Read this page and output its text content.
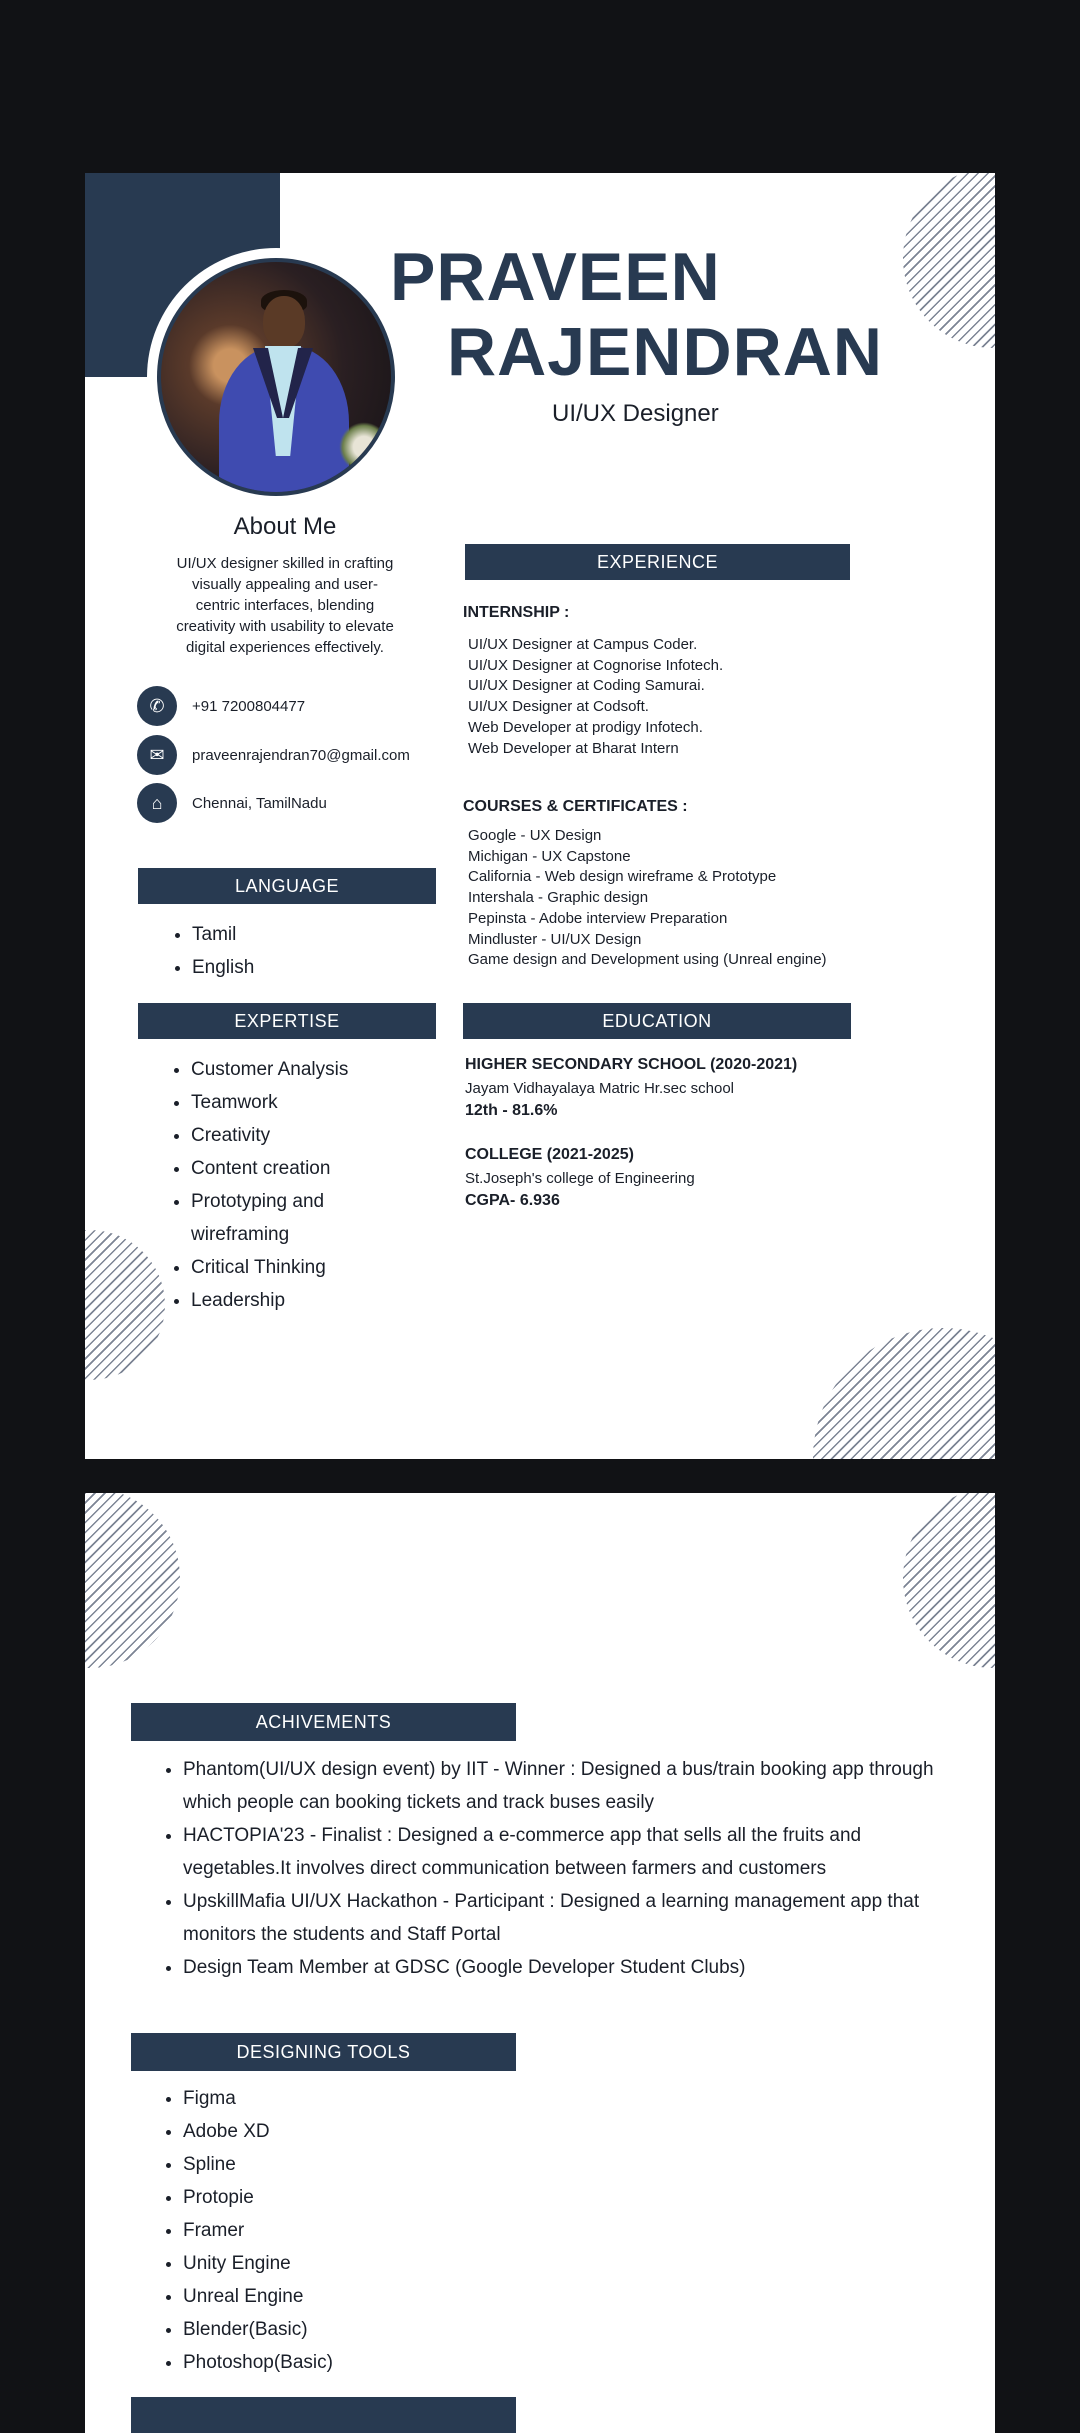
PRAVEEN
RAJENDRAN
UI/UX Designer
About Me
UI/UX designer skilled in crafting
visually appealing and user-
centric interfaces, blending
creativity with usability to elevate
digital experiences effectively.
✆	+91 7200804477
✉	praveenrajendran70@gmail.com
⌂	Chennai, TamilNadu
LANGUAGE
• Tamil
• English
EXPERTISE
• Customer Analysis
• Teamwork
• Creativity
• Content creation
• Prototyping and
wireframing
• Critical Thinking
• Leadership
EXPERIENCE
INTERNSHIP :
UI/UX Designer at Campus Coder.
UI/UX Designer at Cognorise Infotech.
UI/UX Designer at Coding Samurai.
UI/UX Designer at Codsoft.
Web Developer at prodigy Infotech.
Web Developer at Bharat Intern
COURSES & CERTIFICATES :
Google - UX Design
Michigan - UX Capstone
California - Web design wireframe & Prototype
Intershala - Graphic design
Pepinsta - Adobe interview Preparation
Mindluster - UI/UX Design
Game design and Development using (Unreal engine)
EDUCATION
HIGHER SECONDARY SCHOOL (2020-2021)
Jayam Vidhayalaya Matric Hr.sec school
12th - 81.6%
COLLEGE (2021-2025)
St.Joseph's college of Engineering
CGPA- 6.936
ACHIVEMENTS
• Phantom(UI/UX design event) by IIT - Winner : Designed a bus/train booking app through which people can booking tickets and track buses easily
• HACTOPIA'23 - Finalist : Designed a e-commerce app that sells all the fruits and vegetables.It involves direct communication between farmers and customers
• UpskillMafia UI/UX Hackathon - Participant : Designed a learning management app that monitors the students and Staff Portal
• Design Team Member at GDSC (Google Developer Student Clubs)
DESIGNING TOOLS
• Figma
• Adobe XD
• Spline
• Protopie
• Framer
• Unity Engine
• Unreal Engine
• Blender(Basic)
• Photoshop(Basic)
